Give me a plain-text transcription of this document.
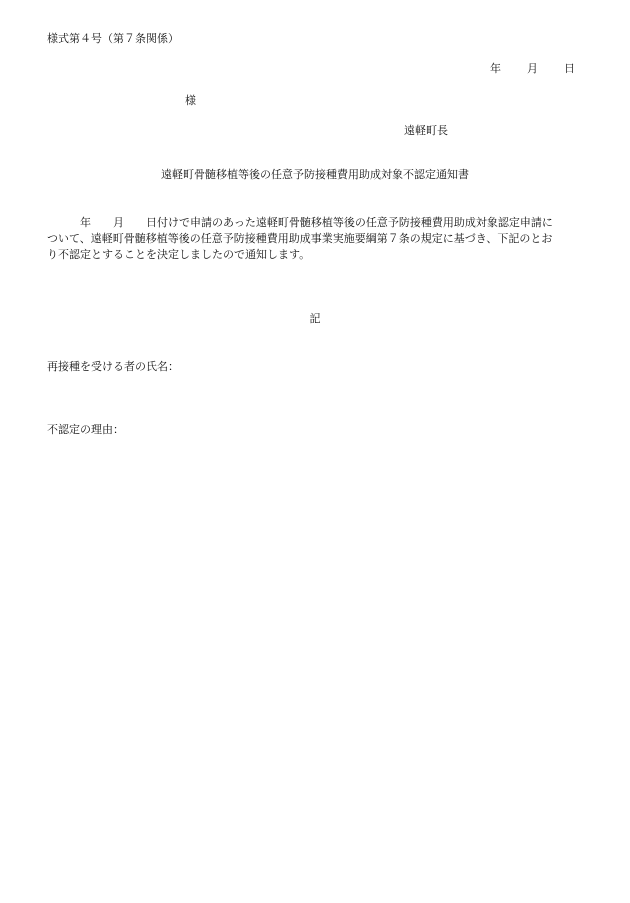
様式第４号（第７条関係）
年 月 日
様
遠軽町長
遠軽町骨髄移植等後の任意予防接種費用助成対象不認定通知書
年 月 日付けで申請のあった遠軽町骨髄移植等後の任意予防接種費用助成対象認定申請に
ついて、遠軽町骨髄移植等後の任意予防接種費用助成事業実施要綱第７条の規定に基づき、下記のとお
り不認定とすることを決定しましたので通知します。
記
再接種を受ける者の氏名：
不認定の理由：
